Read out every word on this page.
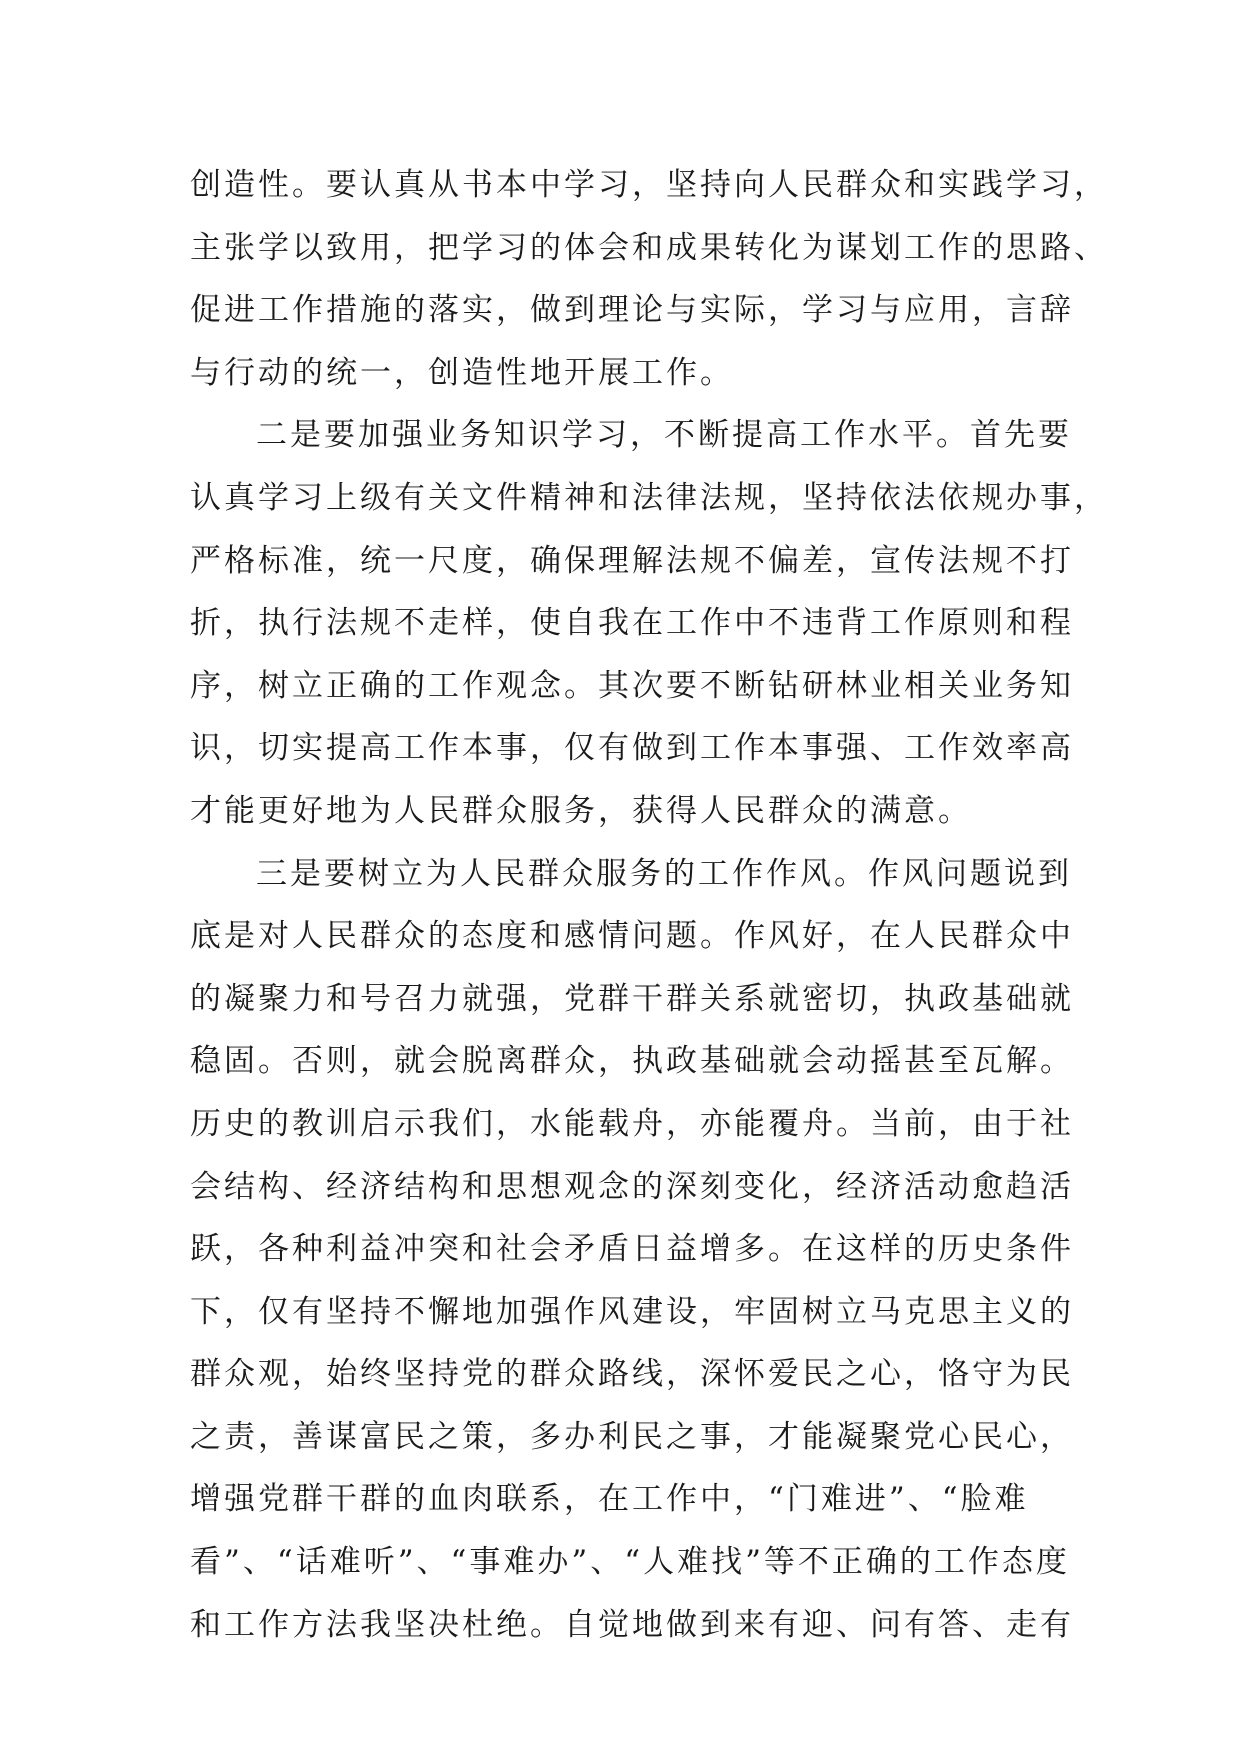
创造性。要认真从书本中学习，坚持向人民群众和实践学习，
主张学以致用，把学习的体会和成果转化为谋划工作的思路、
促进工作措施的落实，做到理论与实际，学习与应用，言辞
与行动的统一，创造性地开展工作。
二是要加强业务知识学习，不断提高工作水平。首先要
认真学习上级有关文件精神和法律法规，坚持依法依规办事，
严格标准，统一尺度，确保理解法规不偏差，宣传法规不打
折，执行法规不走样，使自我在工作中不违背工作原则和程
序，树立正确的工作观念。其次要不断钻研林业相关业务知
识，切实提高工作本事，仅有做到工作本事强、工作效率高
才能更好地为人民群众服务，获得人民群众的满意。
三是要树立为人民群众服务的工作作风。作风问题说到
底是对人民群众的态度和感情问题。作风好，在人民群众中
的凝聚力和号召力就强，党群干群关系就密切，执政基础就
稳固。否则，就会脱离群众，执政基础就会动摇甚至瓦解。
历史的教训启示我们，水能载舟，亦能覆舟。当前，由于社
会结构、经济结构和思想观念的深刻变化，经济活动愈趋活
跃，各种利益冲突和社会矛盾日益增多。在这样的历史条件
下，仅有坚持不懈地加强作风建设，牢固树立马克思主义的
群众观，始终坚持党的群众路线，深怀爱民之心，恪守为民
之责，善谋富民之策，多办利民之事，才能凝聚党心民心，
增强党群干群的血肉联系，在工作中，“门难进”、“脸难
看”、“话难听”、“事难办”、“人难找”等不正确的工作态度
和工作方法我坚决杜绝。自觉地做到来有迎、问有答、走有
